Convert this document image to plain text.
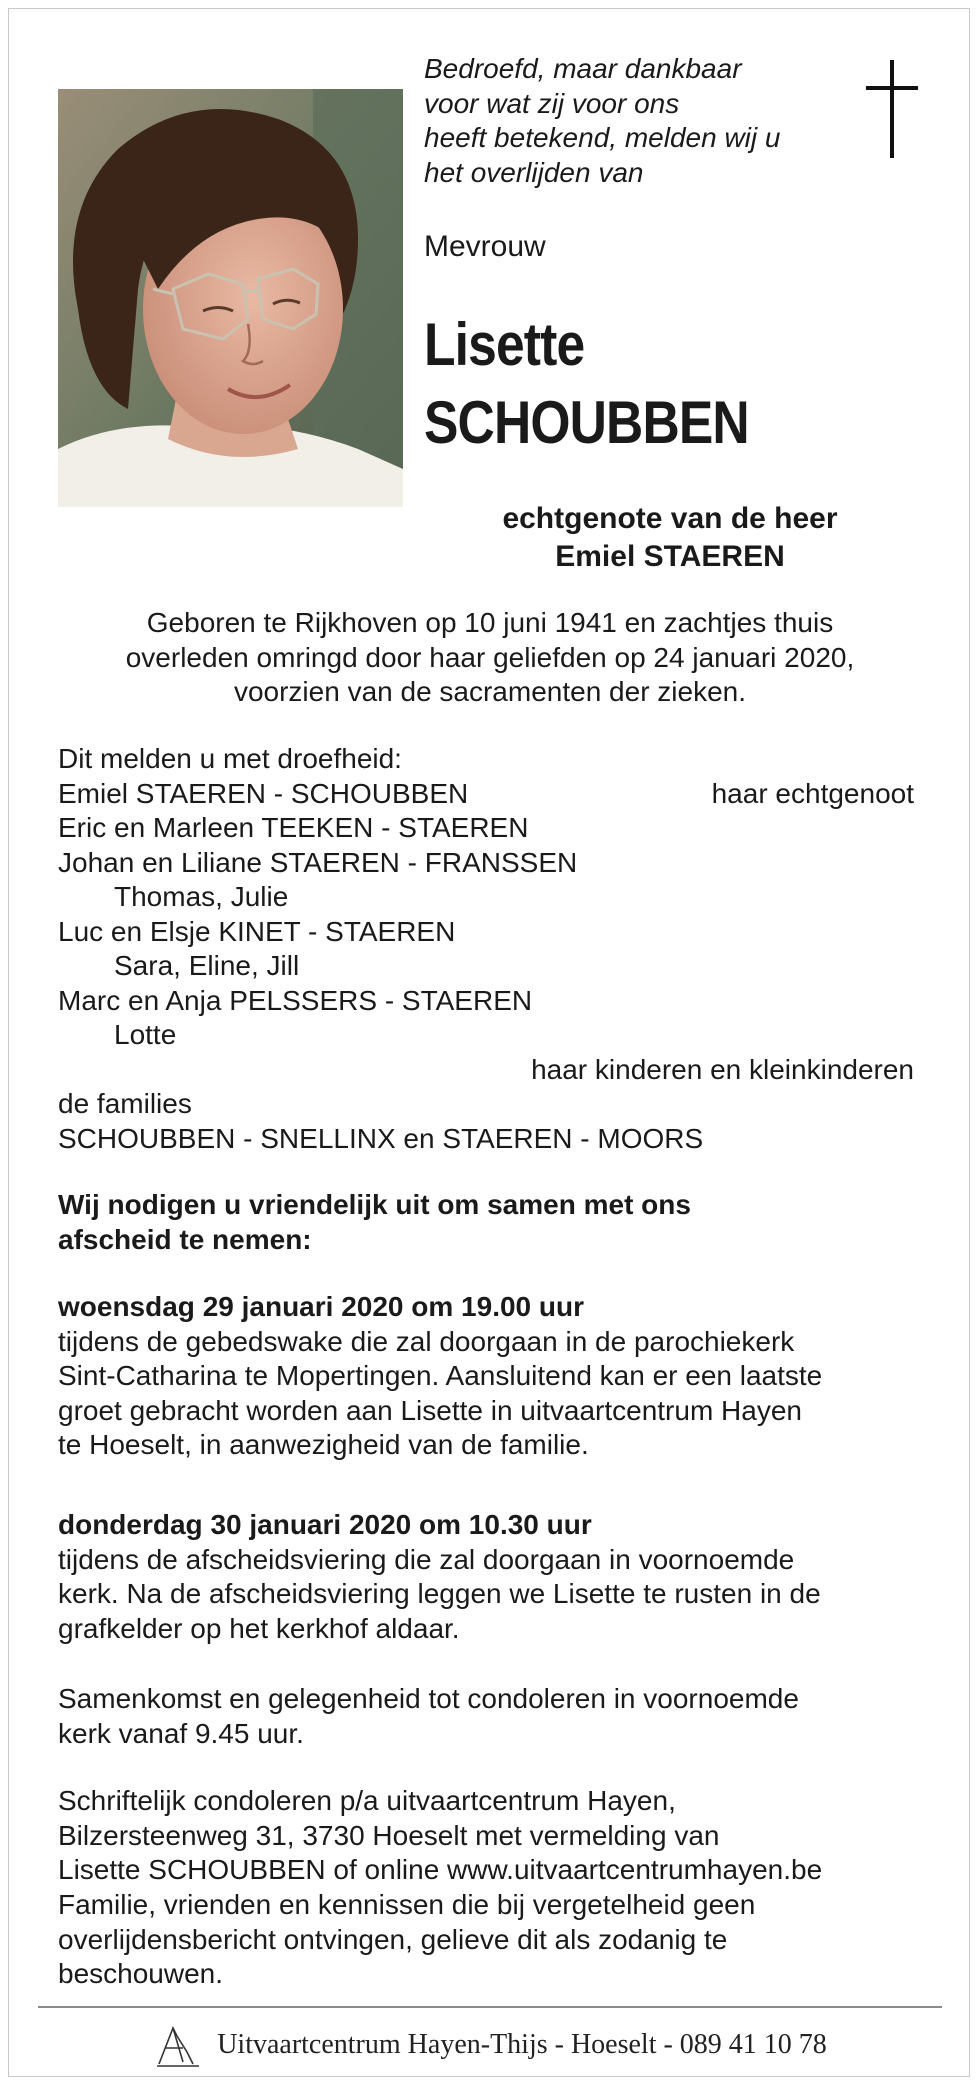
Bedroefd, maar dankbaar
voor wat zij voor ons
heeft betekend, melden wij u
het overlijden van

Mevrouw

Lisette

SCHOUBBEN

echtgenote van de heer

Emiel STAEREN

Geboren te Rijkhoven op 10 juni 1941 en zachtjes thuis
overleden omringd door haar geliefden op 24 januari 2020,
voorzien van de sacramenten der zieken.

Dit melden u met droefheid:
Emiel STAEREN - SCHOUBBEN	haar echtgenoot
Eric en Marleen TEEKEN - STAEREN
Johan en Liliane STAEREN - FRANSSEN
Thomas, Julie
Luc en Elsje KINET - STAEREN
Sara, Eline, Jill
Marc en Anja PELSSERS - STAEREN
Lotte
haar kinderen en kleinkinderen
de families
SCHOUBBEN - SNELLINX en STAEREN - MOORS

Wij nodigen u vriendelijk uit om samen met ons
afscheid te nemen:

woensdag 29 januari 2020 om 19.00 uur
tijdens de gebedswake die zal doorgaan in de parochiekerk
Sint-Catharina te Mopertingen. Aansluitend kan er een laatste
groet gebracht worden aan Lisette in uitvaartcentrum Hayen
te Hoeselt, in aanwezigheid van de familie.

donderdag 30 januari 2020 om 10.30 uur
tijdens de afscheidsviering die zal doorgaan in voornoemde
kerk. Na de afscheidsviering leggen we Lisette te rusten in de
grafkelder op het kerkhof aldaar.

Samenkomst en gelegenheid tot condoleren in voornoemde
kerk vanaf 9.45 uur.

Schriftelijk condoleren p/a uitvaartcentrum Hayen,
Bilzersteenweg 31, 3730 Hoeselt met vermelding van
Lisette SCHOUBBEN of online www.uitvaartcentrumhayen.be

Familie, vrienden en kennissen die bij vergetelheid geen
overlijdensbericht ontvingen, gelieve dit als zodanig te
beschouwen.

Uitvaartcentrum Hayen-Thijs - Hoeselt - 089 41 10 78
